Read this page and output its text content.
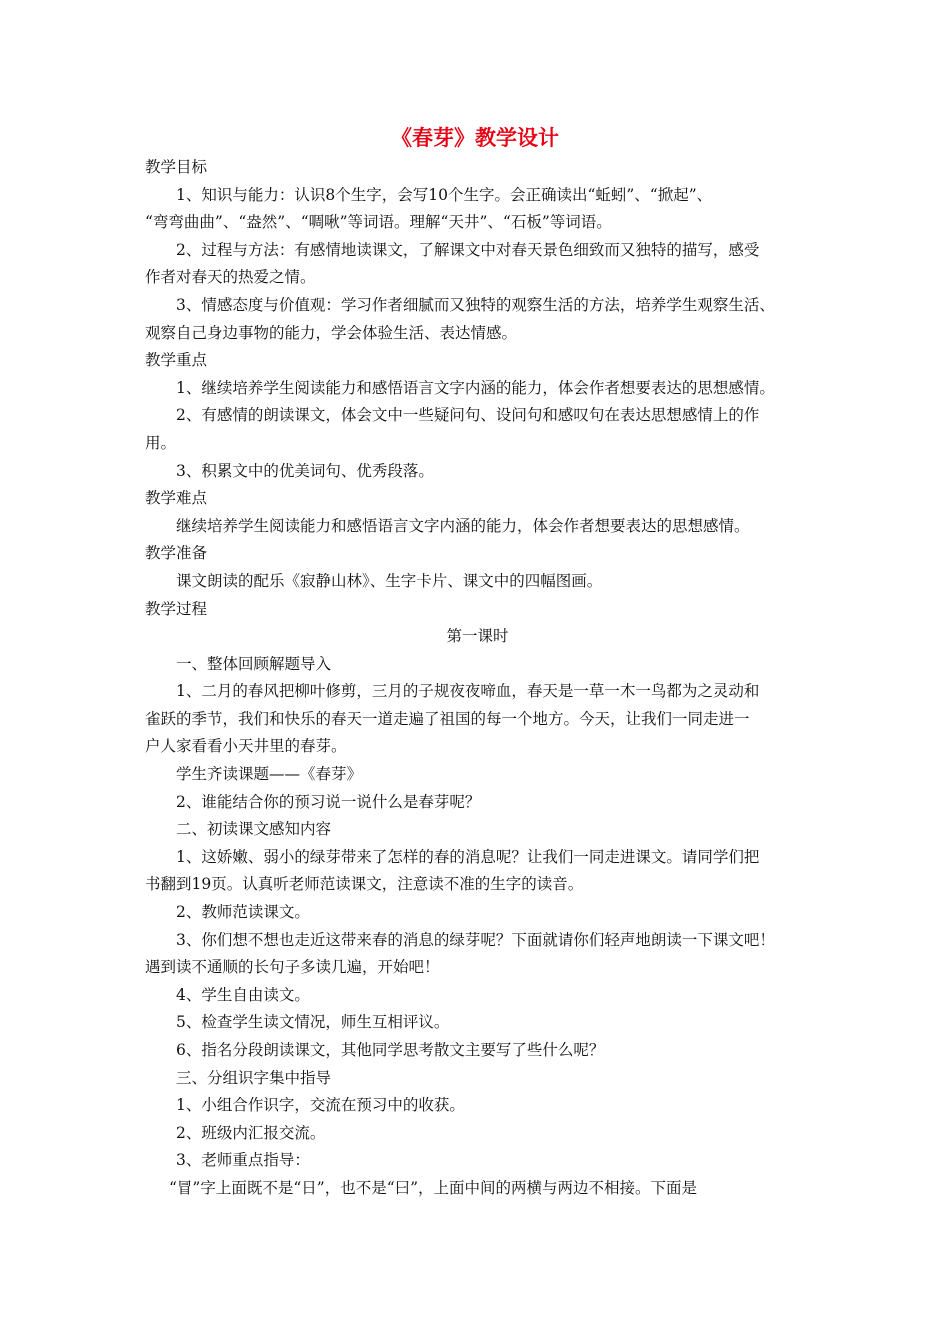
《春芽》教学设计
教学目标
1、知识与能力：认识8个生字，会写10个生字。会正确读出“蚯蚓”、“掀起”、
“弯弯曲曲”、“盎然”、“啁啾”等词语。理解“天井”、“石板”等词语。
2、过程与方法：有感情地读课文，了解课文中对春天景色细致而又独特的描写，感受
作者对春天的热爱之情。
3、情感态度与价值观：学习作者细腻而又独特的观察生活的方法，培养学生观察生活、
观察自己身边事物的能力，学会体验生活、表达情感。
教学重点
1、继续培养学生阅读能力和感悟语言文字内涵的能力，体会作者想要表达的思想感情。
2、有感情的朗读课文，体会文中一些疑问句、设问句和感叹句在表达思想感情上的作
用。
3、积累文中的优美词句、优秀段落。
教学难点
继续培养学生阅读能力和感悟语言文字内涵的能力，体会作者想要表达的思想感情。
教学准备
课文朗读的配乐《寂静山林》、生字卡片、课文中的四幅图画。
教学过程
第一课时
一、整体回顾解题导入
1、二月的春风把柳叶修剪，三月的子规夜夜啼血，春天是一草一木一鸟都为之灵动和
雀跃的季节，我们和快乐的春天一道走遍了祖国的每一个地方。今天，让我们一同走进一
户人家看看小天井里的春芽。
学生齐读课题——《春芽》
2、谁能结合你的预习说一说什么是春芽呢？
二、初读课文感知内容
1、这娇嫩、弱小的绿芽带来了怎样的春的消息呢？让我们一同走进课文。请同学们把
书翻到19页。认真听老师范读课文，注意读不准的生字的读音。
2、教师范读课文。
3、你们想不想也走近这带来春的消息的绿芽呢？下面就请你们轻声地朗读一下课文吧！
遇到读不通顺的长句子多读几遍，开始吧！
4、学生自由读文。
5、检查学生读文情况，师生互相评议。
6、指名分段朗读课文，其他同学思考散文主要写了些什么呢？
三、分组识字集中指导
1、小组合作识字，交流在预习中的收获。
2、班级内汇报交流。
3、老师重点指导：
“冒”字上面既不是“日”，也不是“曰”，上面中间的两横与两边不相接。下面是
